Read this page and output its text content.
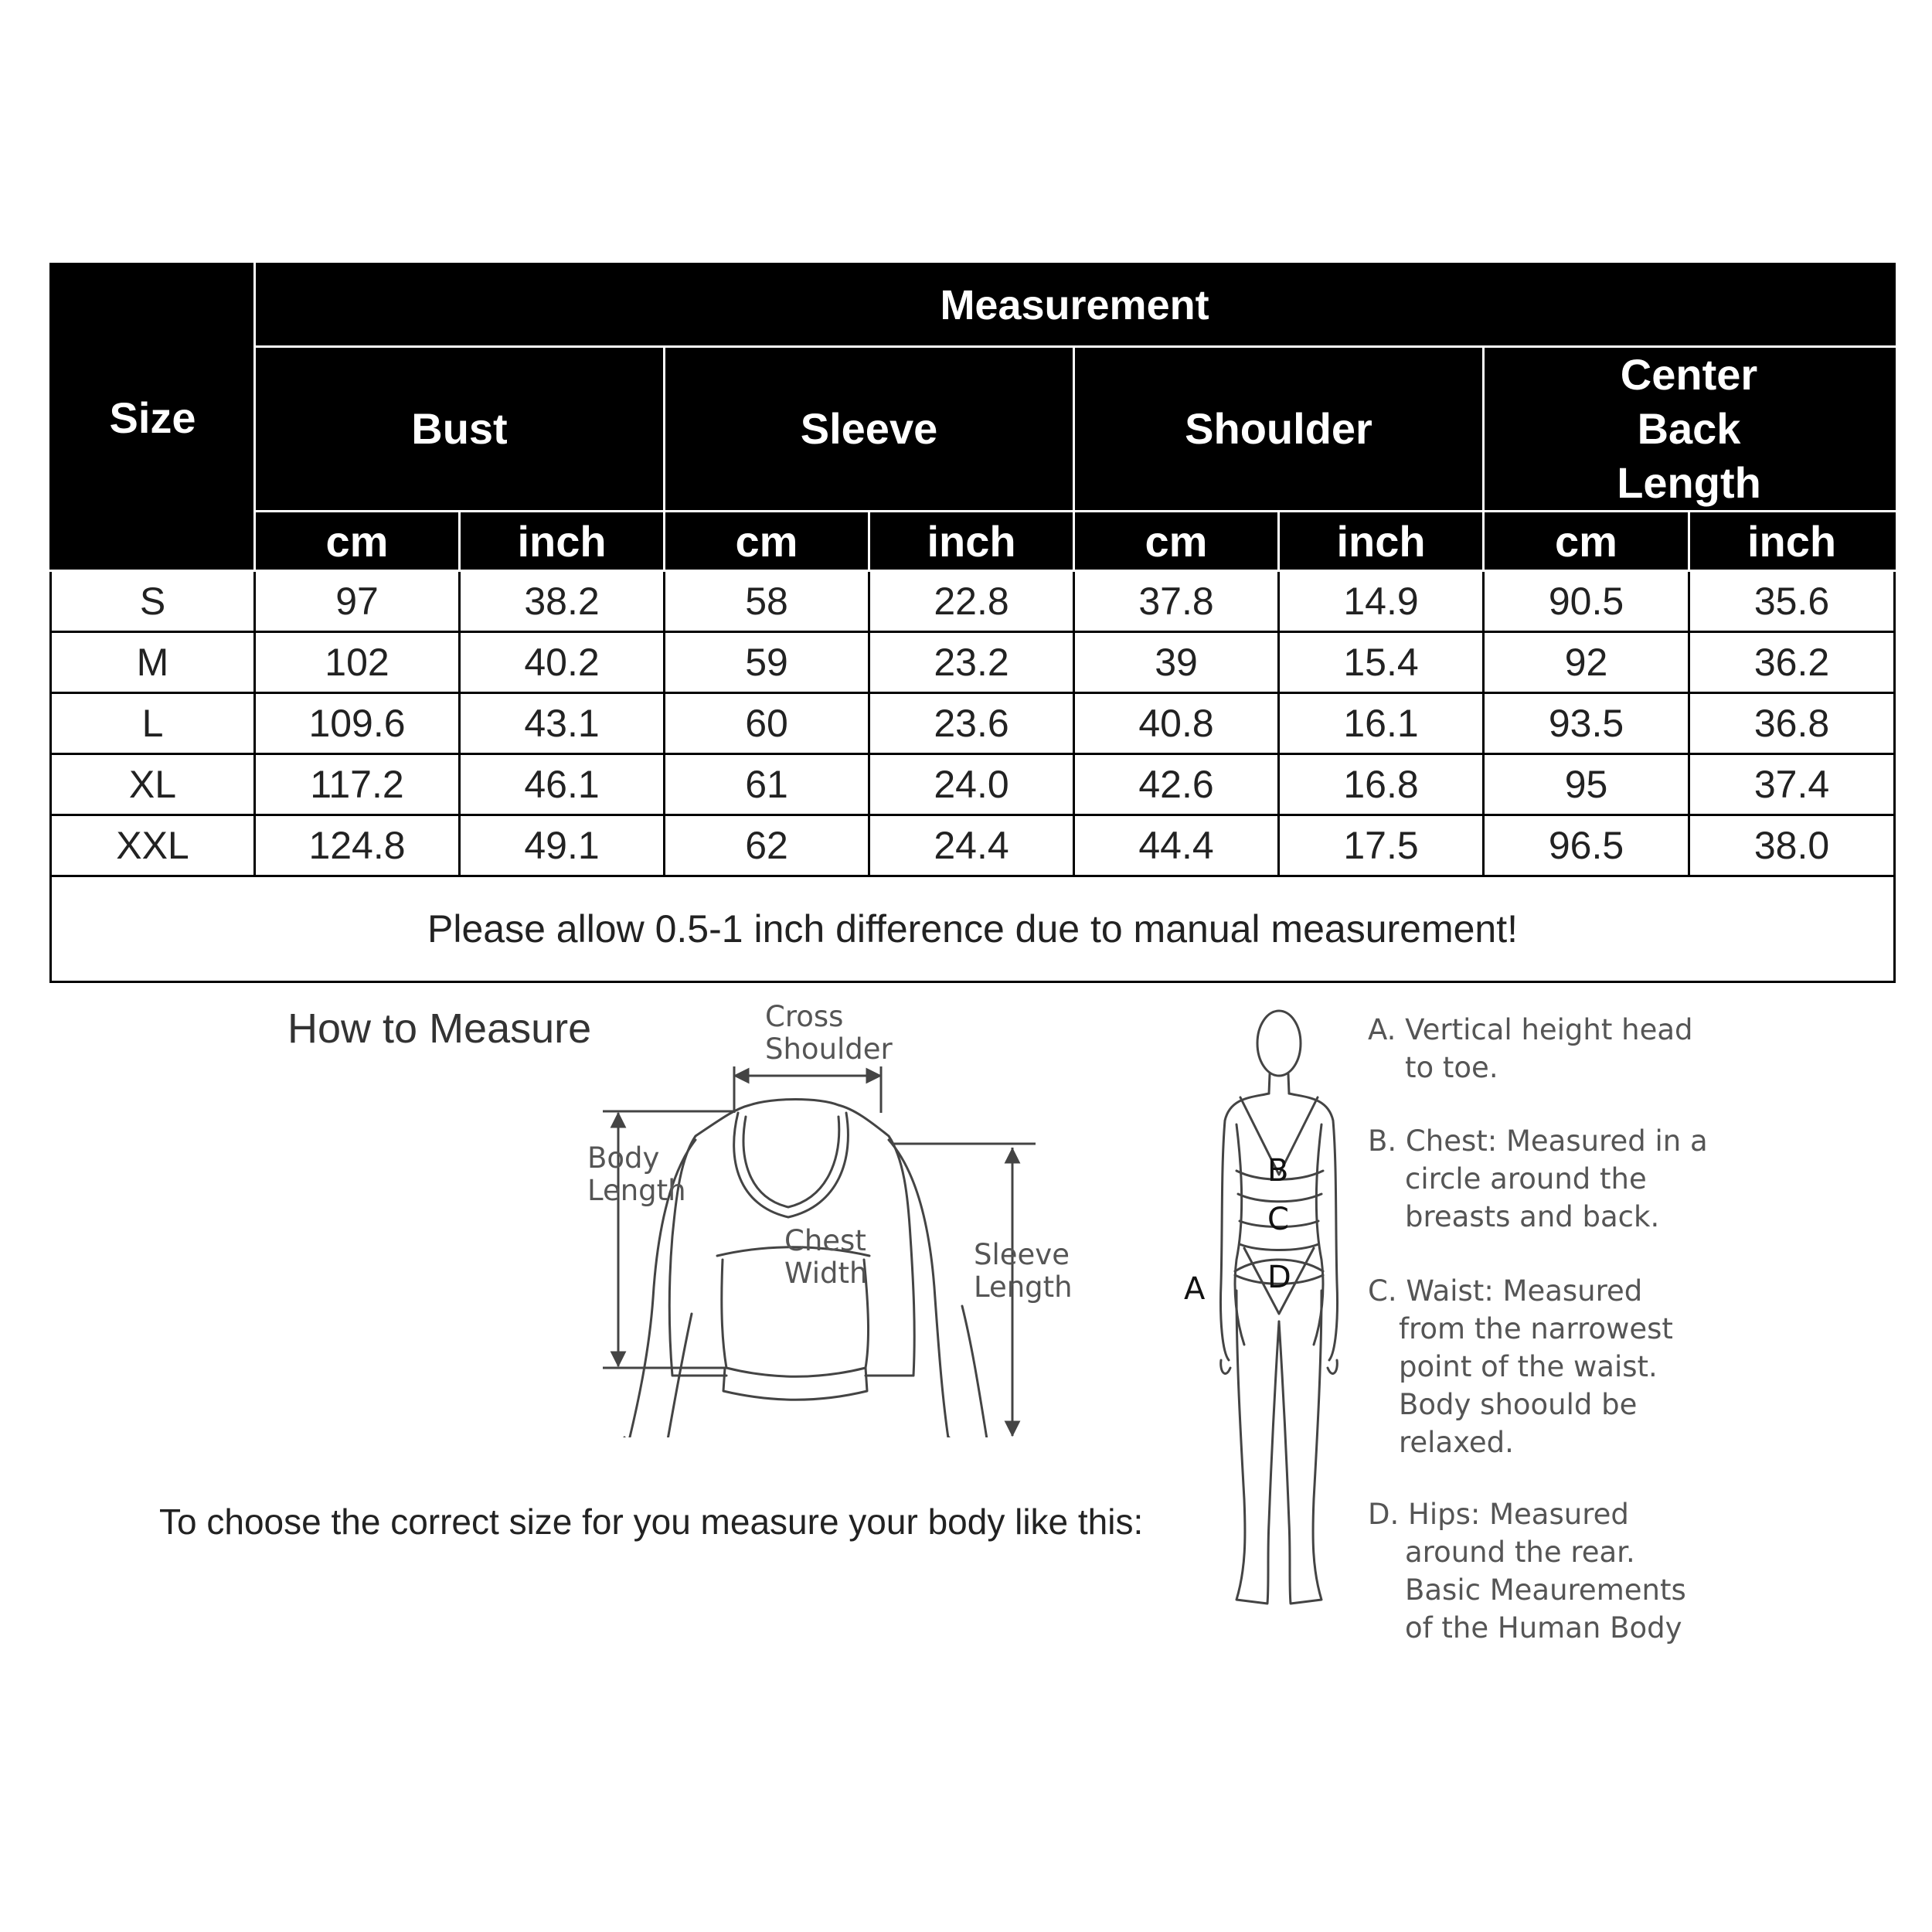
Size	Measurement							
	Bust		Sleeve		Shoulder		Center Back Length	
	cm	inch	cm	inch	cm	inch	cm	inch
S	97	38.2	58	22.8	37.8	14.9	90.5	35.6
M	102	40.2	59	23.2	39	15.4	92	36.2
L	109.6	43.1	60	23.6	40.8	16.1	93.5	36.8
XL	117.2	46.1	61	24.0	42.6	16.8	95	37.4
XXL	124.8	49.1	62	24.4	44.4	17.5	96.5	38.0
Please allow 0.5-1 inch difference due to manual measurement!								
How to Measure
To choose the correct size for you measure your body like this:
Cross
Shoulder
Body
Length
Chest
Width
Sleeve
Length
B
C
D
A
A. Vertical height head
to toe.
B. Chest: Measured in a
circle around the
breasts and back.
C. Waist: Measured
from the narrowest
point of the waist.
Body shoould be
relaxed.
D. Hips: Measured
around the rear.
Basic Meaurements
of the Human Body
